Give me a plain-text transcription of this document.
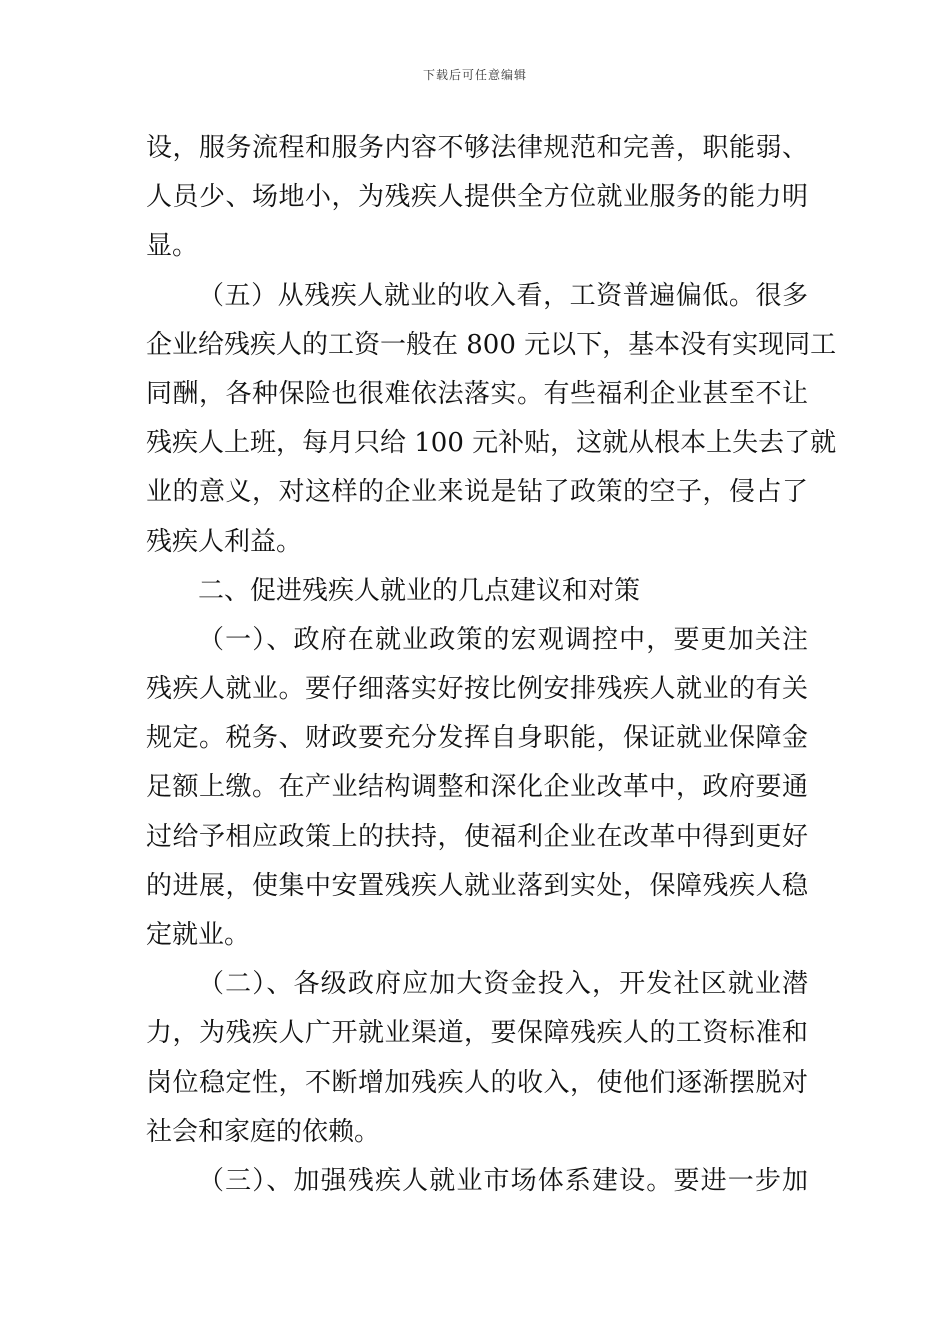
下载后可任意编辑
设，服务流程和服务内容不够法律规范和完善，职能弱、
人员少、场地小，为残疾人提供全方位就业服务的能力明
显。
（五）从残疾人就业的收入看，工资普遍偏低。很多
企业给残疾人的工资一般在 800 元以下，基本没有实现同工
同酬，各种保险也很难依法落实。有些福利企业甚至不让
残疾人上班，每月只给 100 元补贴，这就从根本上失去了就
业的意义，对这样的企业来说是钻了政策的空子，侵占了
残疾人利益。
二、促进残疾人就业的几点建议和对策
（一）、政府在就业政策的宏观调控中，要更加关注
残疾人就业。要仔细落实好按比例安排残疾人就业的有关
规定。税务、财政要充分发挥自身职能，保证就业保障金
足额上缴。在产业结构调整和深化企业改革中，政府要通
过给予相应政策上的扶持，使福利企业在改革中得到更好
的进展，使集中安置残疾人就业落到实处，保障残疾人稳
定就业。
（二）、各级政府应加大资金投入，开发社区就业潜
力，为残疾人广开就业渠道，要保障残疾人的工资标准和
岗位稳定性，不断增加残疾人的收入，使他们逐渐摆脱对
社会和家庭的依赖。
（三）、加强残疾人就业市场体系建设。要进一步加
